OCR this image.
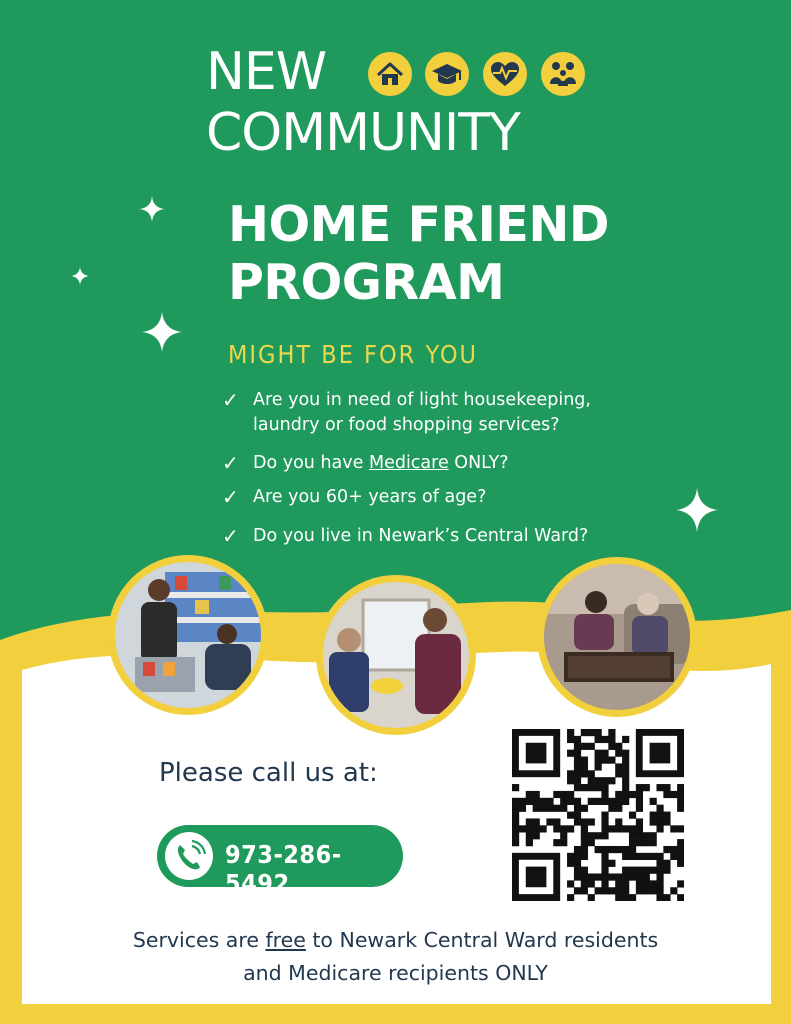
NEW
COMMUNITY
HOME FRIEND
PROGRAM
MIGHT BE FOR YOU
✓ Are you in need of light housekeeping,
laundry or food shopping services?
✓ Do you have Medicare ONLY?
✓ Are you 60+ years of age?
✓ Do you live in Newark’s Central Ward?
Please call us at:
973-286-5492
Services are free to Newark Central Ward residents
and Medicare recipients ONLY
